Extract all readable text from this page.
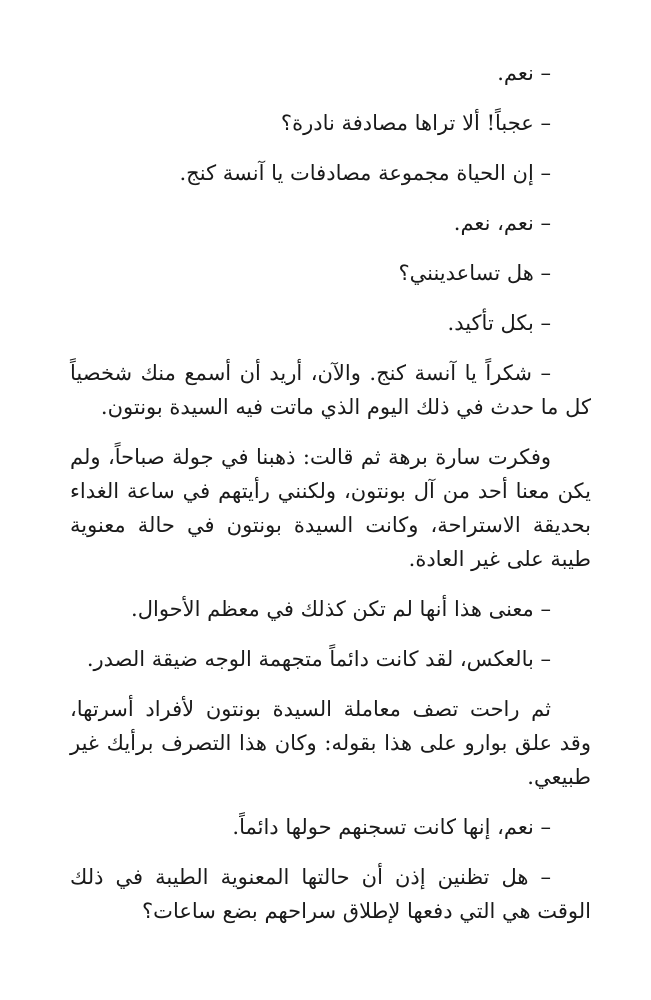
– نعم.

– عجباً! ألا تراها مصادفة نادرة؟

– إن الحياة مجموعة مصادفات يا آنسة كنج.

– نعم، نعم.

– هل تساعدينني؟

– بكل تأكيد.

– شكراً يا آنسة كنج. والآن، أريد أن أسمع منك شخصياً كل ما حدث في ذلك اليوم الذي ماتت فيه السيدة بونتون.

وفكرت سارة برهة ثم قالت: ذهبنا في جولة صباحاً، ولم يكن معنا أحد من آل بونتون، ولكنني رأيتهم في ساعة الغداء بحديقة الاستراحة، وكانت السيدة بونتون في حالة معنوية طيبة على غير العادة.

– معنى هذا أنها لم تكن كذلك في معظم الأحوال.

– بالعكس، لقد كانت دائماً متجهمة الوجه ضيقة الصدر.

ثم راحت تصف معاملة السيدة بونتون لأفراد أسرتها، وقد علق بوارو على هذا بقوله: وكان هذا التصرف برأيك غير طبيعي.

– نعم، إنها كانت تسجنهم حولها دائماً.

– هل تظنين إذن أن حالتها المعنوية الطيبة في ذلك الوقت هي التي دفعها لإطلاق سراحهم بضع ساعات؟
